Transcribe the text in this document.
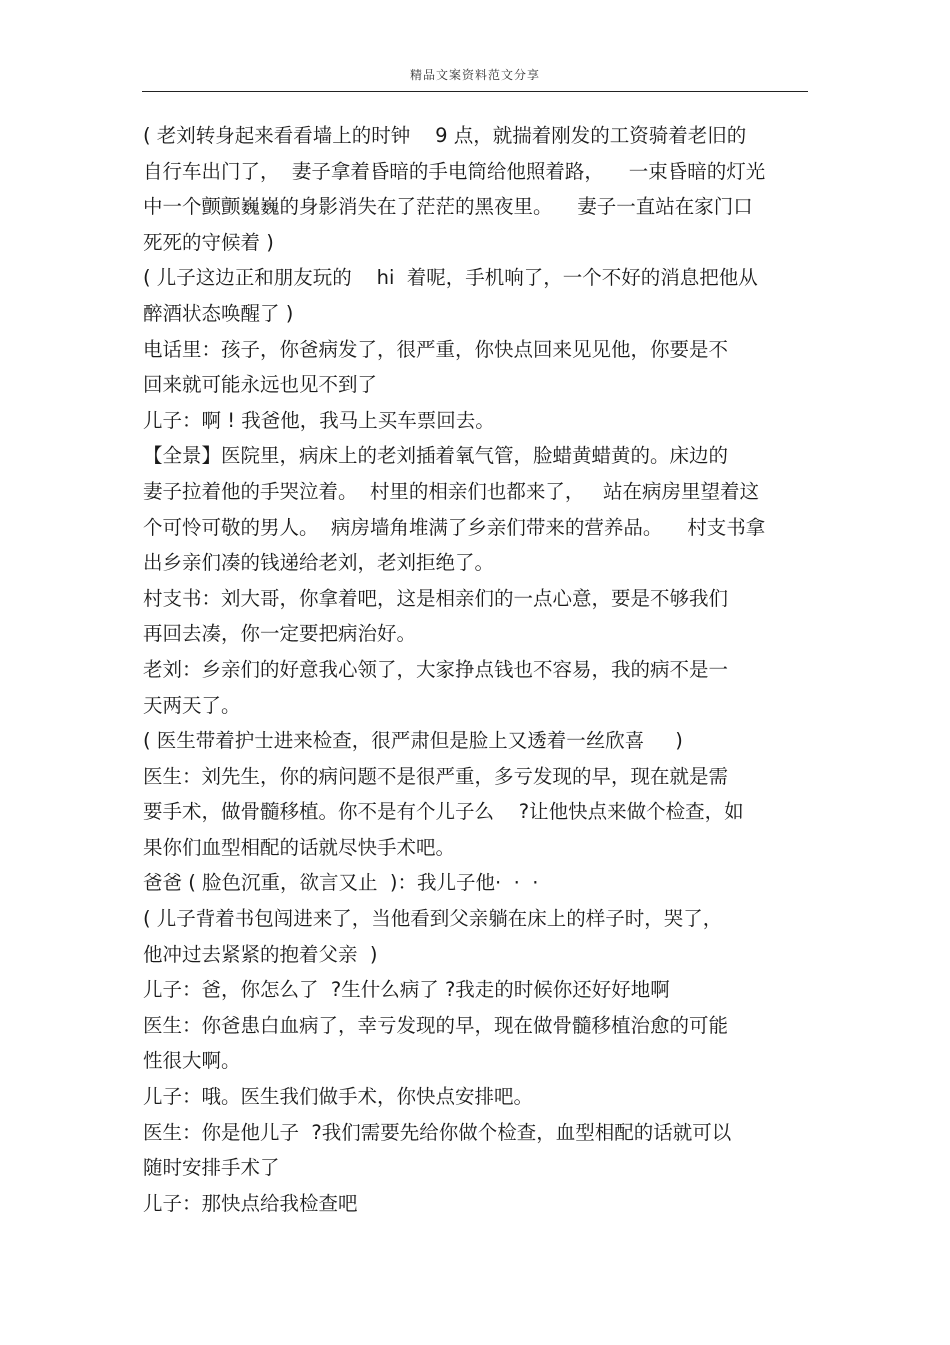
精品文案资料范文分享
( 老刘转身起来看看墙上的时钟    9 点，就揣着刚发的工资骑着老旧的
自行车出门了，  妻子拿着昏暗的手电筒给他照着路，    一束昏暗的灯光
中一个颤颤巍巍的身影消失在了茫茫的黑夜里。    妻子一直站在家门口
死死的守候着 )
( 儿子这边正和朋友玩的    hi  着呢，手机响了，一个不好的消息把他从
醉酒状态唤醒了 )
电话里：孩子，你爸病发了，很严重，你快点回来见见他，你要是不
回来就可能永远也见不到了
儿子：啊 ! 我爸他，我马上买车票回去。
【全景】医院里，病床上的老刘插着氧气管，脸蜡黄蜡黄的。床边的
妻子拉着他的手哭泣着。  村里的相亲们也都来了，   站在病房里望着这
个可怜可敬的男人。  病房墙角堆满了乡亲们带来的营养品。    村支书拿
出乡亲们凑的钱递给老刘，老刘拒绝了。
村支书：刘大哥，你拿着吧，这是相亲们的一点心意，要是不够我们
再回去凑，你一定要把病治好。
老刘：乡亲们的好意我心领了，大家挣点钱也不容易，我的病不是一
天两天了。
( 医生带着护士进来检查，很严肃但是脸上又透着一丝欣喜     )
医生：刘先生，你的病问题不是很严重，多亏发现的早，现在就是需
要手术，做骨髓移植。你不是有个儿子么    ?让他快点来做个检查，如
果你们血型相配的话就尽快手术吧。
爸爸 ( 脸色沉重，欲言又止  )：我儿子他·  ·  ·
( 儿子背着书包闯进来了，当他看到父亲躺在床上的样子时，哭了，
他冲过去紧紧的抱着父亲  )
儿子：爸，你怎么了  ?生什么病了 ?我走的时候你还好好地啊
医生：你爸患白血病了，幸亏发现的早，现在做骨髓移植治愈的可能
性很大啊。
儿子：哦。医生我们做手术，你快点安排吧。
医生：你是他儿子  ?我们需要先给你做个检查，血型相配的话就可以
随时安排手术了
儿子：那快点给我检查吧
